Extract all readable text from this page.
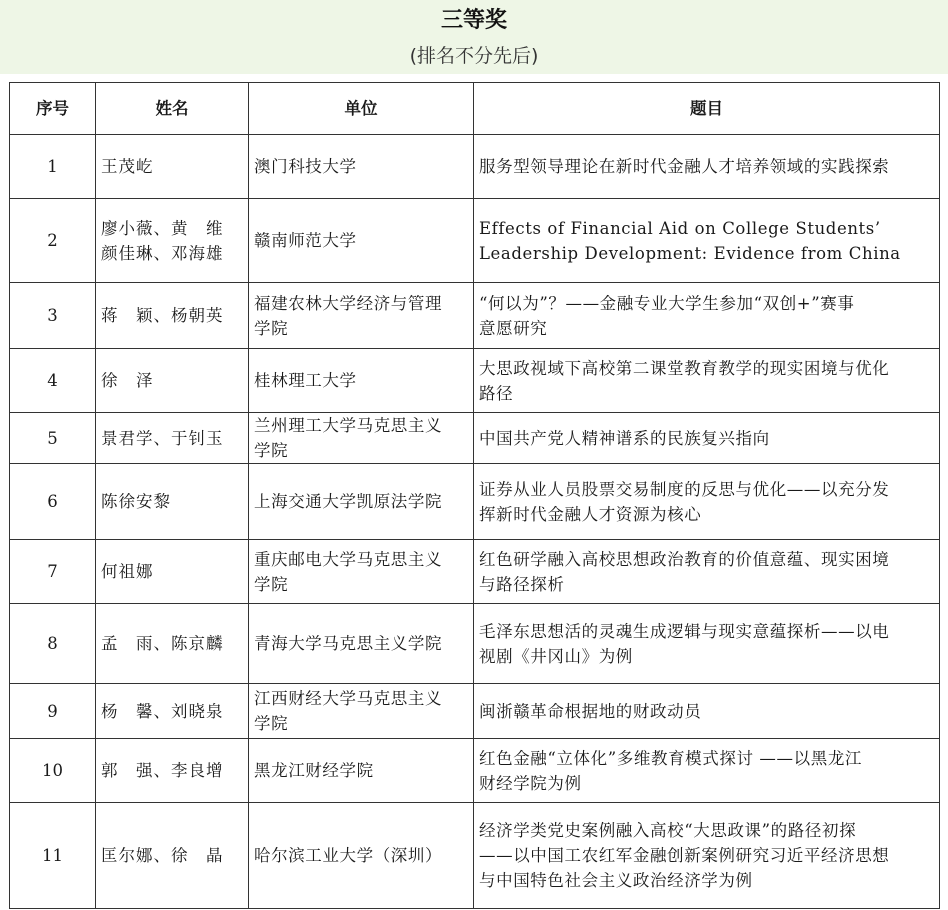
三等奖
(排名不分先后)
序号	姓名	单位	题目
1	王茂屹	澳门科技大学	服务型领导理论在新时代金融人才培养领域的实践探索
2	廖小薇、黄　维
颜佳琳、邓海雄	赣南师范大学	Effects of Financial Aid on College Students’
Leadership Development: Evidence from China
3	蒋　颖、杨朝英	福建农林大学经济与管理
学院	“何以为”？——金融专业大学生参加“双创+”赛事
意愿研究
4	徐　泽	桂林理工大学	大思政视域下高校第二课堂教育教学的现实困境与优化
路径
5	景君学、于钊玉	兰州理工大学马克思主义
学院	中国共产党人精神谱系的民族复兴指向
6	陈徐安黎	上海交通大学凯原法学院	证券从业人员股票交易制度的反思与优化——以充分发
挥新时代金融人才资源为核心
7	何祖娜	重庆邮电大学马克思主义
学院	红色研学融入高校思想政治教育的价值意蕴、现实困境
与路径探析
8	孟　雨、陈京麟	青海大学马克思主义学院	毛泽东思想活的灵魂生成逻辑与现实意蕴探析——以电
视剧《井冈山》为例
9	杨　馨、刘晓泉	江西财经大学马克思主义
学院	闽浙赣革命根据地的财政动员
10	郭　强、李良增	黑龙江财经学院	红色金融“立体化”多维教育模式探讨 ——以黑龙江
财经学院为例
11	匡尔娜、徐　晶	哈尔滨工业大学（深圳）	经济学类党史案例融入高校“大思政课”的路径初探
——以中国工农红军金融创新案例研究习近平经济思想
与中国特色社会主义政治经济学为例
